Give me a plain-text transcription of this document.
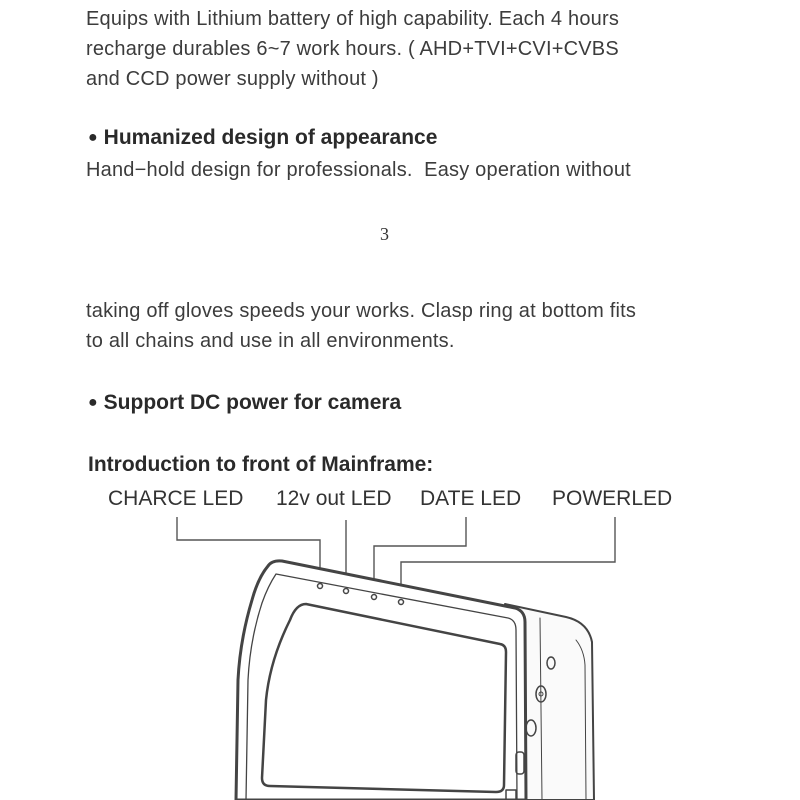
Equips with Lithium battery of high capability. Each 4 hours
recharge durables 6~7 work hours. ( AHD+TVI+CVI+CVBS
and CCD power supply without )
● Humanized design of appearance
Hand−hold design for professionals.  Easy operation without
3
taking off gloves speeds your works. Clasp ring at bottom fits
to all chains and use in all environments.
● Support DC power for camera
Introduction to front of Mainframe:
CHARCE LED 12v out LED DATE LED POWERLED
